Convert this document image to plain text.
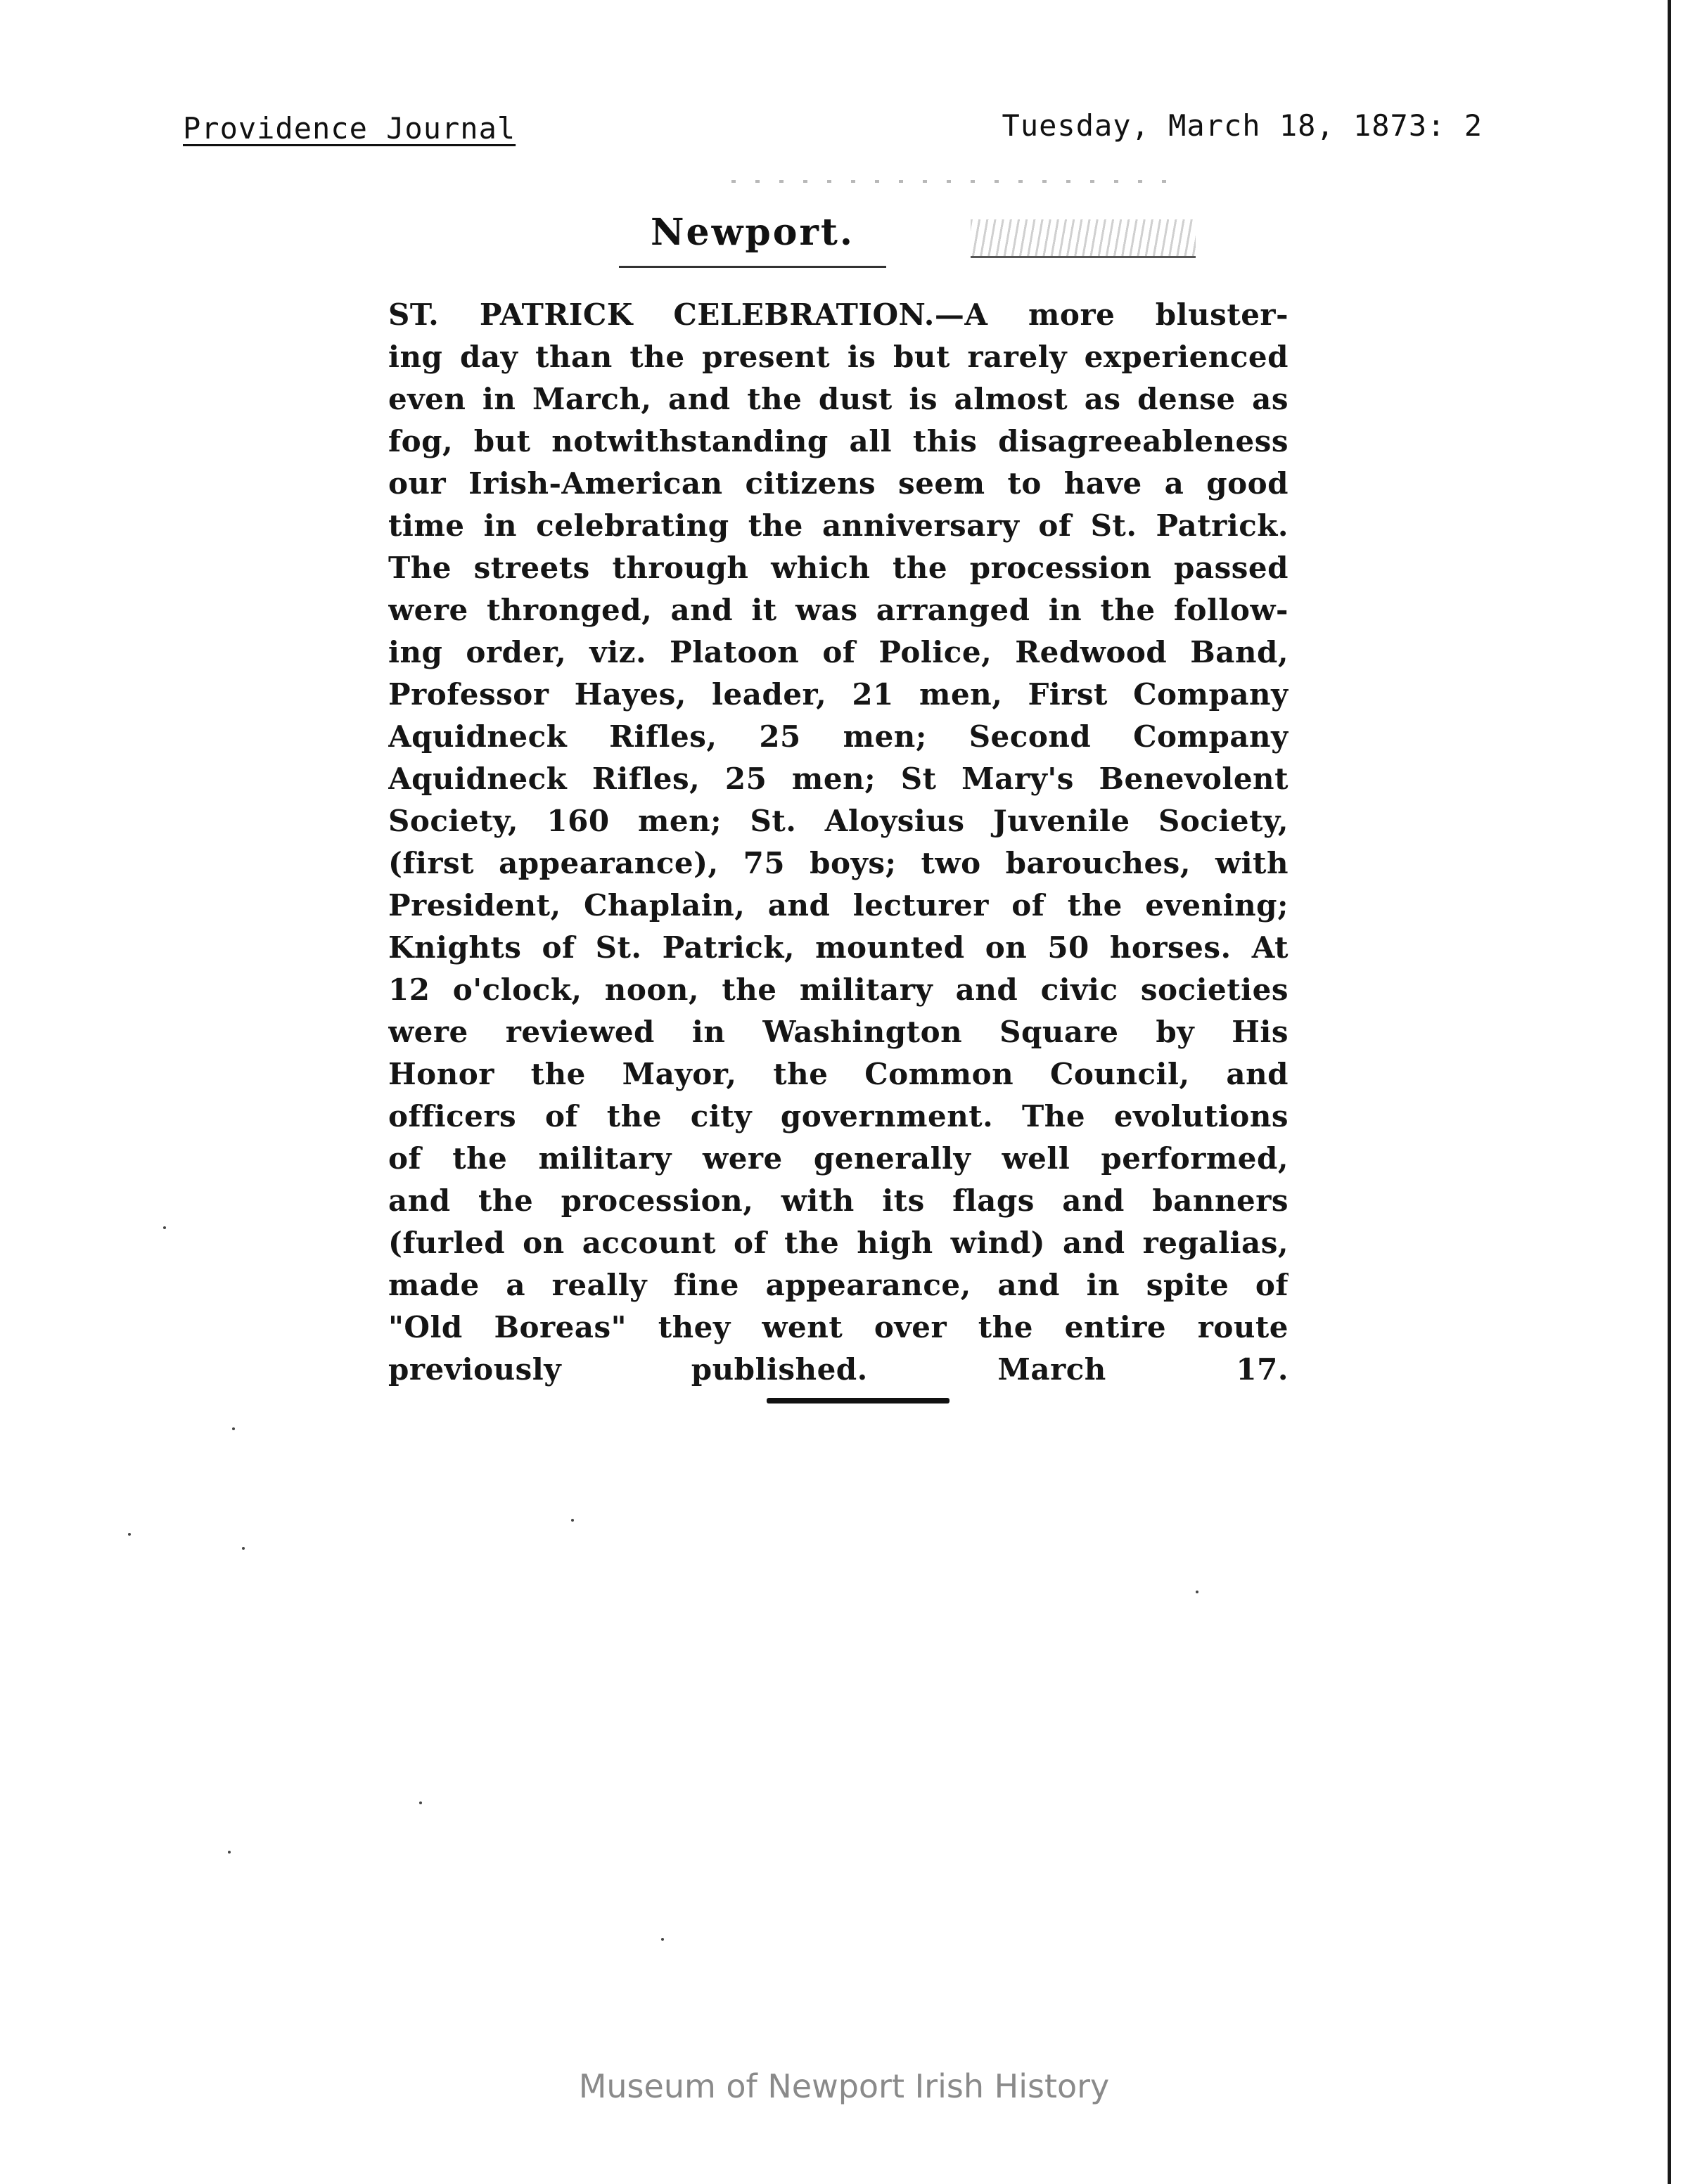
Providence Journal	Tuesday, March 18, 1873: 2
Newport.
ST. PATRICK CELEBRATION.—A more bluster-
ing day than the present is but rarely experienced
even in March, and the dust is almost as dense as
fog, but notwithstanding all this disagreeableness
our Irish-American citizens seem to have a good
time in celebrating the anniversary of St. Patrick.
The streets through which the procession passed
were thronged, and it was arranged in the follow-
ing order, viz. Platoon of Police, Redwood Band,
Professor Hayes, leader, 21 men, First Company
Aquidneck Rifles, 25 men; Second Company
Aquidneck Rifles, 25 men; St Mary's Benevolent
Society, 160 men; St. Aloysius Juvenile Society,
(first appearance), 75 boys; two barouches, with
President, Chaplain, and lecturer of the evening;
Knights of St. Patrick, mounted on 50 horses. At
12 o'clock, noon, the military and civic societies
were reviewed in Washington Square by His
Honor the Mayor, the Common Council, and
officers of the city government. The evolutions
of the military were generally well performed,
and the procession, with its flags and banners
(furled on account of the high wind) and regalias,
made a really fine appearance, and in spite of
"Old Boreas" they went over the entire route
previously published. March 17.
Museum of Newport Irish History
